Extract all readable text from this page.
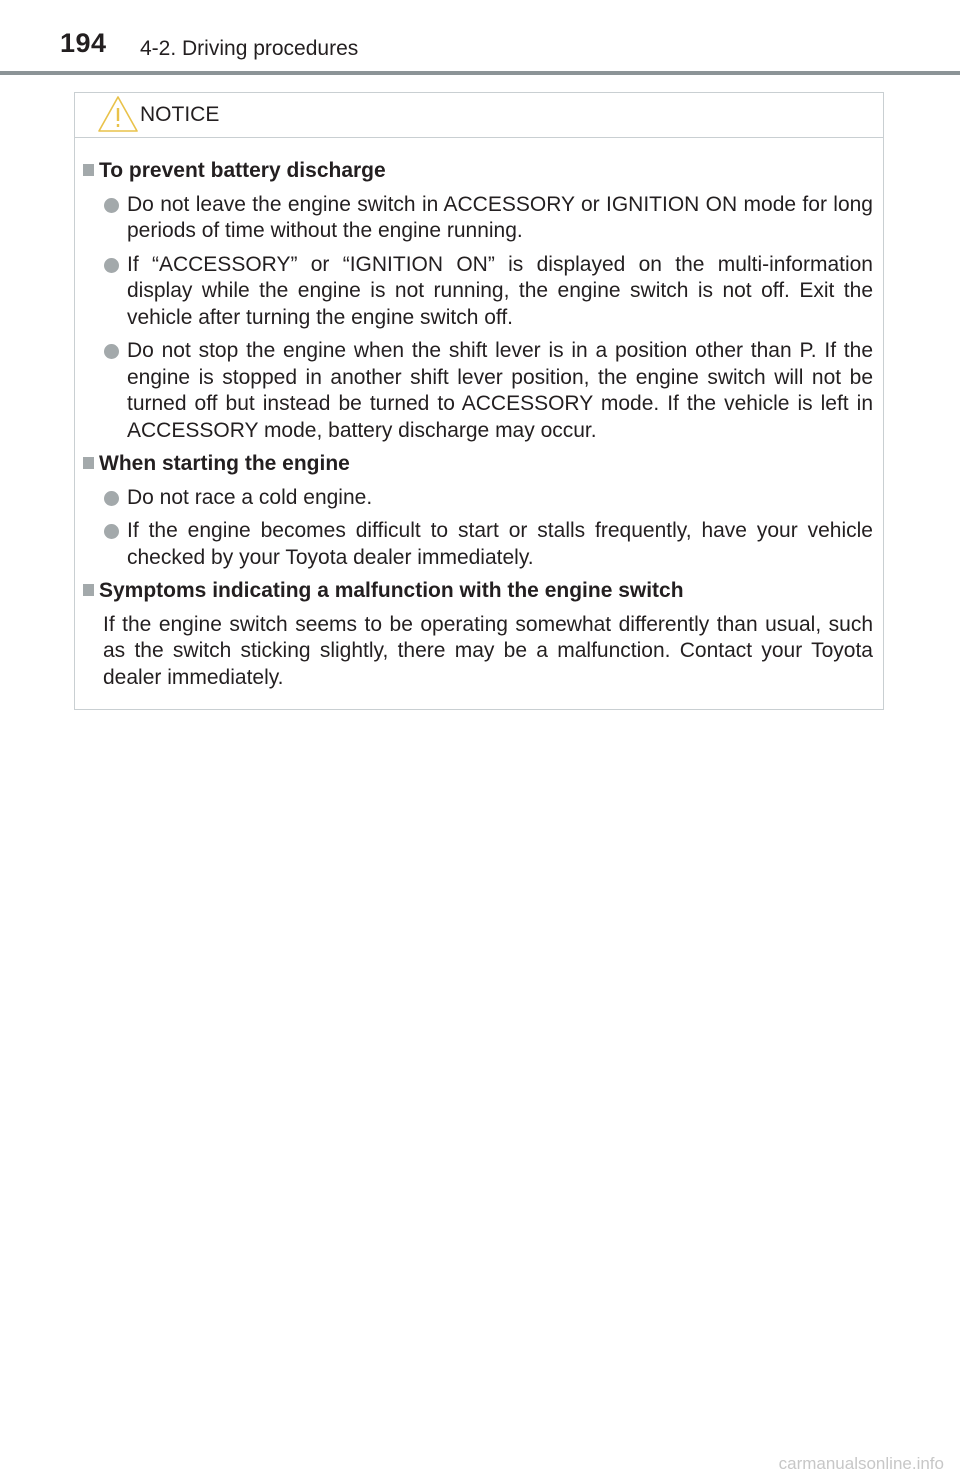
194 4-2. Driving procedures
NOTICE
To prevent battery discharge
Do not leave the engine switch in ACCESSORY or IGNITION ON mode for long periods of time without the engine running.
If “ACCESSORY” or “IGNITION ON” is displayed on the multi-information display while the engine is not running, the engine switch is not off. Exit the vehicle after turning the engine switch off.
Do not stop the engine when the shift lever is in a position other than P. If the engine is stopped in another shift lever position, the engine switch will not be turned off but instead be turned to ACCESSORY mode. If the vehicle is left in ACCESSORY mode, battery discharge may occur.
When starting the engine
Do not race a cold engine.
If the engine becomes difficult to start or stalls frequently, have your vehicle checked by your Toyota dealer immediately.
Symptoms indicating a malfunction with the engine switch
If the engine switch seems to be operating somewhat differently than usual, such as the switch sticking slightly, there may be a malfunction. Contact your Toyota dealer immediately.
carmanualsonline.info
